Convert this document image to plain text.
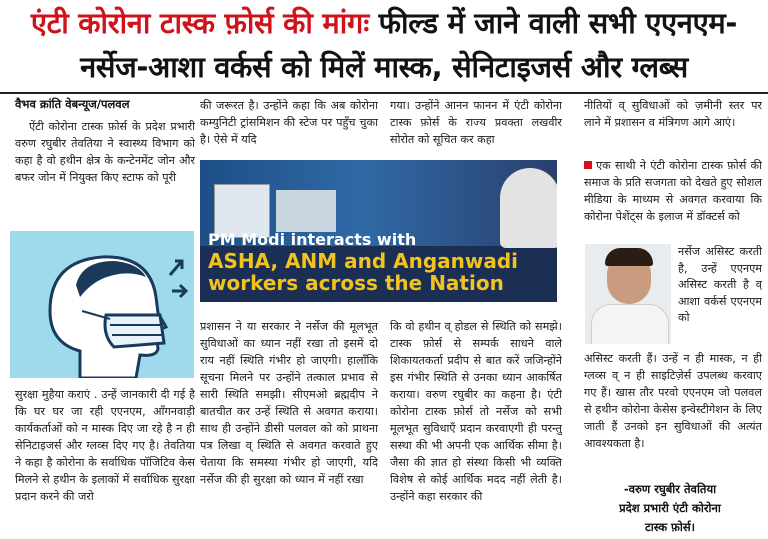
एंटी कोरोना टास्क फ़ोर्स की मांगः फील्ड में जाने वाली सभी एएनएम-
नर्सेज-आशा वर्कर्स को मिलें मास्क, सेनिटाइजर्स और ग्लब्स
वैभव क्रांति वेबन्यूज/पलवल
ऐंटी कोरोना टास्क फ़ोर्स के प्रदेश प्रभारी वरुण रघुबीर तेवतिया ने स्वास्थ्य विभाग को कहा है वो हथीन क्षेत्र के कन्टेनमेंट जोन और बफर जोन में नियुक्त किए स्टाफ को पूरी
सुरक्षा मुहैया कराएं . उन्हें जानकारी दी गई है कि घर घर जा रही एएनएम, आँगनवाड़ी कार्यकर्ताओं को न मास्क दिए जा रहे है न ही सेनिटाइजर्स और ग्लव्स दिए गए है। तेवतिया ने कहा है कोरोना के सर्वाधिक पॉजिटिव केस मिलने से हथीन के इलाकों में सर्वाधिक सुरक्षा प्रदान करने की जरो
की जरूरत है। उन्होंने कहा कि अब कोरोना कम्युनिटी ट्रांसमिशन की स्टेज पर पहुँच चुका है। ऐसे में यदि
गया। उन्होंने आनन फानन में एंटी कोरोना टास्क फ़ोर्स के राज्य प्रवक्ता लखवीर सोरोत को सूचित कर कहा
PM Modi interacts with
ASHA, ANM and Anganwadi
workers across the Nation
प्रशासन ने या सरकार ने नर्सेज की मूलभूत सुविधाओं का ध्यान नहीं रखा तो इसमें दो राय नहीं स्थिति गंभीर हो जाएगी। हालाँकि सूचना मिलने पर उन्होंने तत्काल प्रभाव से सारी स्थिति समझी। सीएमओ ब्रह्मदीप ने बातचीत कर उन्हें स्थिति से अवगत कराया। साथ ही उन्होंने डीसी पलवल को को प्राथना पत्र लिखा व् स्थिति से अवगत करवाते हुए चेताया कि समस्या गंभीर हो जाएगी, यदि नर्सेज की ही सुरक्षा को ध्यान में नहीं रखा
कि वो हथीन व् होडल से स्थिति को समझे। टास्क फ़ोर्स से सम्पर्क साधने वाले शिकायतकर्ता प्रदीप से बात करें जजिन्होंने इस गंभीर स्थिति से उनका ध्यान आकर्षित कराया। वरुण रघुबीर का कहना है। एंटी कोरोना टास्क फ़ोर्स तो नर्सेज को सभी मूलभूत सुविधाएँ प्रदान करवाएगी ही परन्तु सस्था की भी अपनी एक आर्थिक सीमा है। जैसा की ज्ञात हो संस्था किसी भी व्यक्ति विशेष से कोई आर्थिक मदद नहीं लेती है।उन्होंने कहा सरकार की
नीतियों व् सुविधाओं को ज़मीनी स्तर पर लाने में प्रशासन व मंत्रिगण आगे आएं।
एक साथी ने एंटी कोरोना टास्क फ़ोर्स की समाज के प्रति सजगता को देखते हुए सोशल मीडिया के माध्यम से अवगत करवाया कि कोरोना पेशेंट्स के इलाज में डॉक्टर्स को
नर्सेज असिस्ट करती है, उन्हें एएनएम असिस्ट करती है व् आशा वर्कर्स एएनएम को
असिस्ट करती हैं। उन्हें न ही मास्क, न ही ग्लव्स व् न ही साइटिज़ेर्स उपलब्ध करवाए गए हैं। खास तौर परवो एएनएम जो पलवल से हथीन कोरोना केसेस इन्वेस्टीगेशन के लिए जाती हैं उनको इन सुविधाओं की अत्यंत आवश्यकता है।
-वरुण रघुबीर तेवतिया
प्रदेश प्रभारी एंटी कोरोना
टास्क फ़ोर्स।
